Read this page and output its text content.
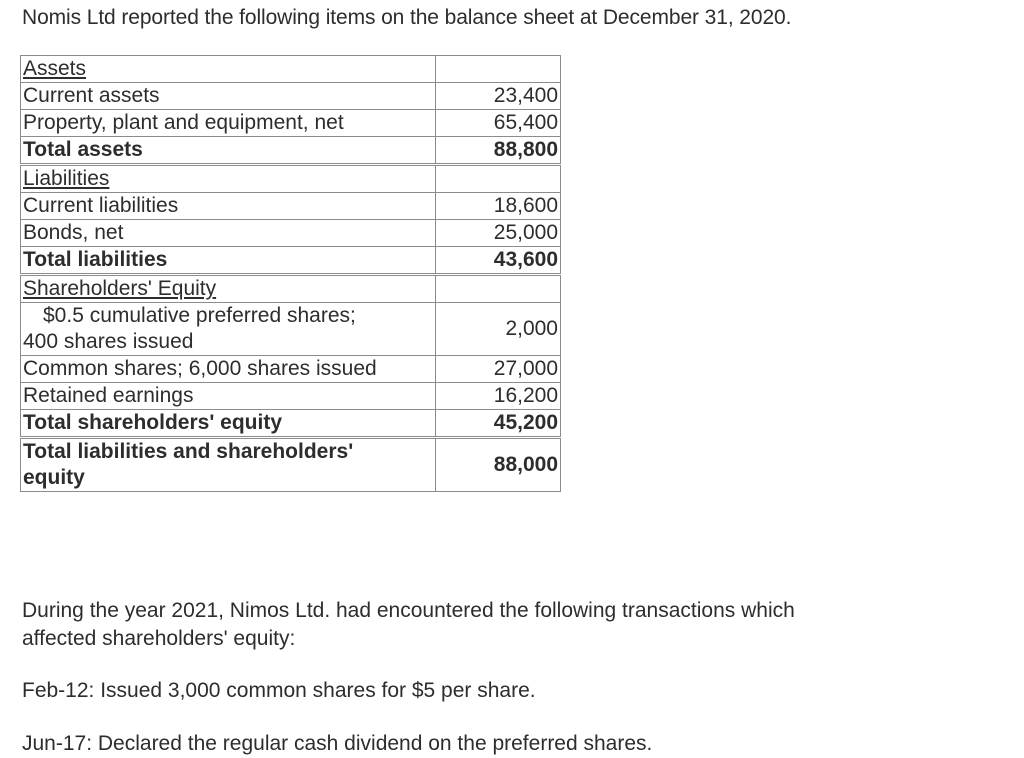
Nomis Ltd reported the following items on the balance sheet at December 31, 2020.
Assets	
Current assets	23,400
Property, plant and equipment, net	65,400
Total assets	88,800
Liabilities	
Current liabilities	18,600
Bonds, net	25,000
Total liabilities	43,600
Shareholders' Equity	

$0.5 cumulative preferred shares;
400 shares issued	2,000
Common shares; 6,000 shares issued	27,000
Retained earnings	16,200
Total shareholders' equity	45,200

Total liabilities and shareholders'
equity	88,000
During the year 2021, Nimos Ltd. had encountered the following transactions which
affected shareholders' equity:
Feb-12: Issued 3,000 common shares for $5 per share.
Jun-17: Declared the regular cash dividend on the preferred shares.
